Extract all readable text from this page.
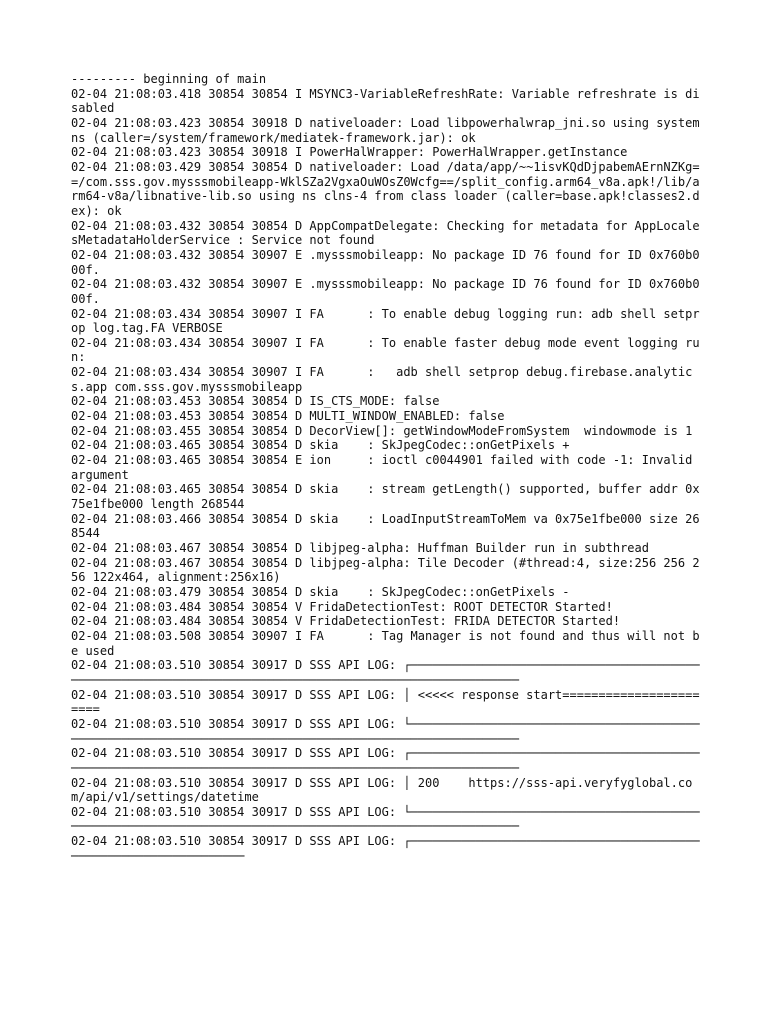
--------- beginning of main

02-04 21:08:03.418 30854 30854 I MSYNC3-VariableRefreshRate: Variable refreshrate is disabled

02-04 21:08:03.423 30854 30918 D nativeloader: Load libpowerhalwrap_jni.so using system ns (caller=/system/framework/mediatek-framework.jar): ok

02-04 21:08:03.423 30854 30918 I PowerHalWrapper: PowerHalWrapper.getInstance

02-04 21:08:03.429 30854 30854 D nativeloader: Load /data/app/~~1isvKQdDjpabemAErnNZKg==/com.sss.gov.mysssmobileapp-WklSZa2VgxaOuWOsZ0Wcfg==/split_config.arm64_v8a.apk!/lib/arm64-v8a/libnative-lib.so using ns clns-4 from class loader (caller=base.apk!classes2.dex): ok

02-04 21:08:03.432 30854 30854 D AppCompatDelegate: Checking for metadata for AppLocalesMetadataHolderService : Service not found

02-04 21:08:03.432 30854 30907 E .mysssmobileapp: No package ID 76 found for ID 0x760b000f.

02-04 21:08:03.432 30854 30907 E .mysssmobileapp: No package ID 76 found for ID 0x760b000f.

02-04 21:08:03.434 30854 30907 I FA      : To enable debug logging run: adb shell setprop log.tag.FA VERBOSE

02-04 21:08:03.434 30854 30907 I FA      : To enable faster debug mode event logging run:

02-04 21:08:03.434 30854 30907 I FA      :   adb shell setprop debug.firebase.analytics.app com.sss.gov.mysssmobileapp

02-04 21:08:03.453 30854 30854 D IS_CTS_MODE: false

02-04 21:08:03.453 30854 30854 D MULTI_WINDOW_ENABLED: false

02-04 21:08:03.455 30854 30854 D DecorView[]: getWindowModeFromSystem  windowmode is 1

02-04 21:08:03.465 30854 30854 D skia    : SkJpegCodec::onGetPixels +

02-04 21:08:03.465 30854 30854 E ion     : ioctl c0044901 failed with code -1: Invalid argument

02-04 21:08:03.465 30854 30854 D skia    : stream getLength() supported, buffer addr 0x75e1fbe000 length 268544

02-04 21:08:03.466 30854 30854 D skia    : LoadInputStreamToMem va 0x75e1fbe000 size 268544

02-04 21:08:03.467 30854 30854 D libjpeg-alpha: Huffman Builder run in subthread

02-04 21:08:03.467 30854 30854 D libjpeg-alpha: Tile Decoder (#thread:4, size:256 256 256 122x464, alignment:256x16)

02-04 21:08:03.479 30854 30854 D skia    : SkJpegCodec::onGetPixels -

02-04 21:08:03.484 30854 30854 V FridaDetectionTest: ROOT DETECTOR Started!

02-04 21:08:03.484 30854 30854 V FridaDetectionTest: FRIDA DETECTOR Started!

02-04 21:08:03.508 30854 30907 I FA      : Tag Manager is not found and thus will not be used

02-04 21:08:03.510 30854 30917 D SSS API LOG: ┌──────────────────────────────────────────────────────────────────────────────────────────────────────

02-04 21:08:03.510 30854 30917 D SSS API LOG: │ <<<<< response start=======================

02-04 21:08:03.510 30854 30917 D SSS API LOG: └──────────────────────────────────────────────────────────────────────────────────────────────────────

02-04 21:08:03.510 30854 30917 D SSS API LOG: ┌──────────────────────────────────────────────────────────────────────────────────────────────────────

02-04 21:08:03.510 30854 30917 D SSS API LOG: │ 200    https://sss-api.veryfyglobal.com/api/v1/settings/datetime

02-04 21:08:03.510 30854 30917 D SSS API LOG: └──────────────────────────────────────────────────────────────────────────────────────────────────────

02-04 21:08:03.510 30854 30917 D SSS API LOG: ┌────────────────────────────────────────────────────────────────
